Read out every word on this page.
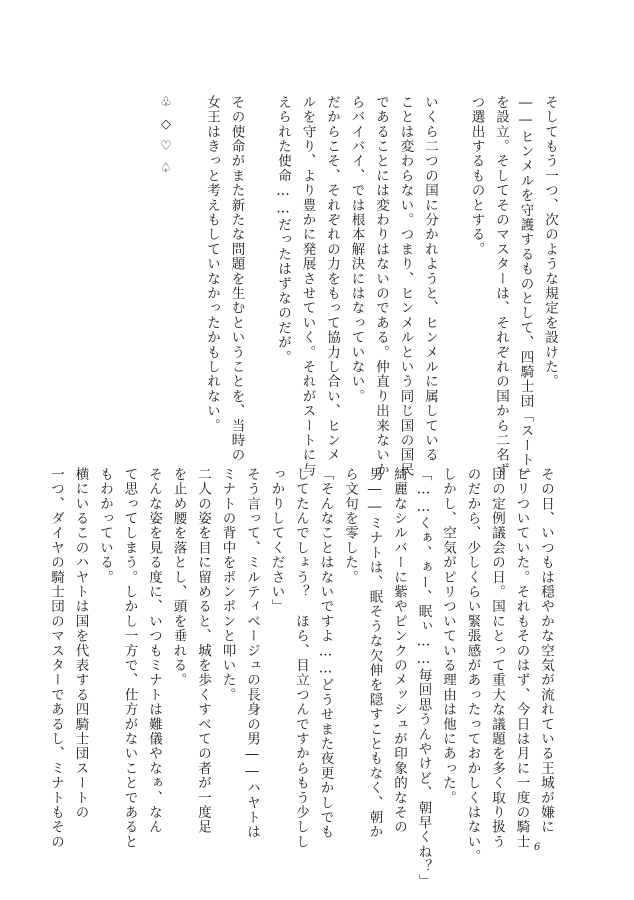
そしてもう一つ、次のような規定を設けた。
――ヒンメルを守護するものとして、四騎士団「スート」
を設立。そしてそのマスターは、それぞれの国から二名ず
つ選出するものとする。
いくら二つの国に分かれようと、ヒンメルに属している
ことは変わらない。つまり、ヒンメルという同じ国の国民
であることには変わりはないのである。仲直り出来ないか
らバイバイ、では根本解決にはなっていない。
だからこそ、それぞれの力をもって協力し合い、ヒンメ
ルを守り、より豊かに発展させていく。それがスートに与
えられた使命……だったはずなのだが。
その使命がまた新たな問題を生むということを、当時の
女王はきっと考えもしていなかったかもしれない。
♧◇♡♤
その日、いつもは穏やかな空気が流れている王城が嫌に
ピリついていた。それもそのはず、今日は月に一度の騎士
団の定例議会の日。国にとって重大な議題を多く取り扱う
のだから、少しくらい緊張感があったっておかしくはない。
しかし、空気がピリついている理由は他にあった。
「……くぁ、ぁー、眠ぃ……毎回思うんやけど、朝早くね？」
綺麗なシルバーに紫やピンクのメッシュが印象的なその
男――ミナトは、眠そうな欠伸を隠すこともなく、朝か
ら文句を零した。
「そんなことはないですよ……どうせまた夜更かしでも
してたんでしょう？　ほら、目立つんですからもう少しし
っかりしてください」
そう言って、ミルティベージュの長身の男――ハヤトは
ミナトの背中をポンポンと叩いた。
二人の姿を目に留めると、城を歩くすべての者が一度足
を止め腰を落とし、頭を垂れる。
そんな姿を見る度に、いつもミナトは難儀やなぁ、なん
て思ってしまう。しかし一方で、仕方がないことであると
もわかっている。
横にいるこのハヤトは国を代表する四騎士団スートの
一つ、ダイヤの騎士団のマスターであるし、ミナトもその	6
